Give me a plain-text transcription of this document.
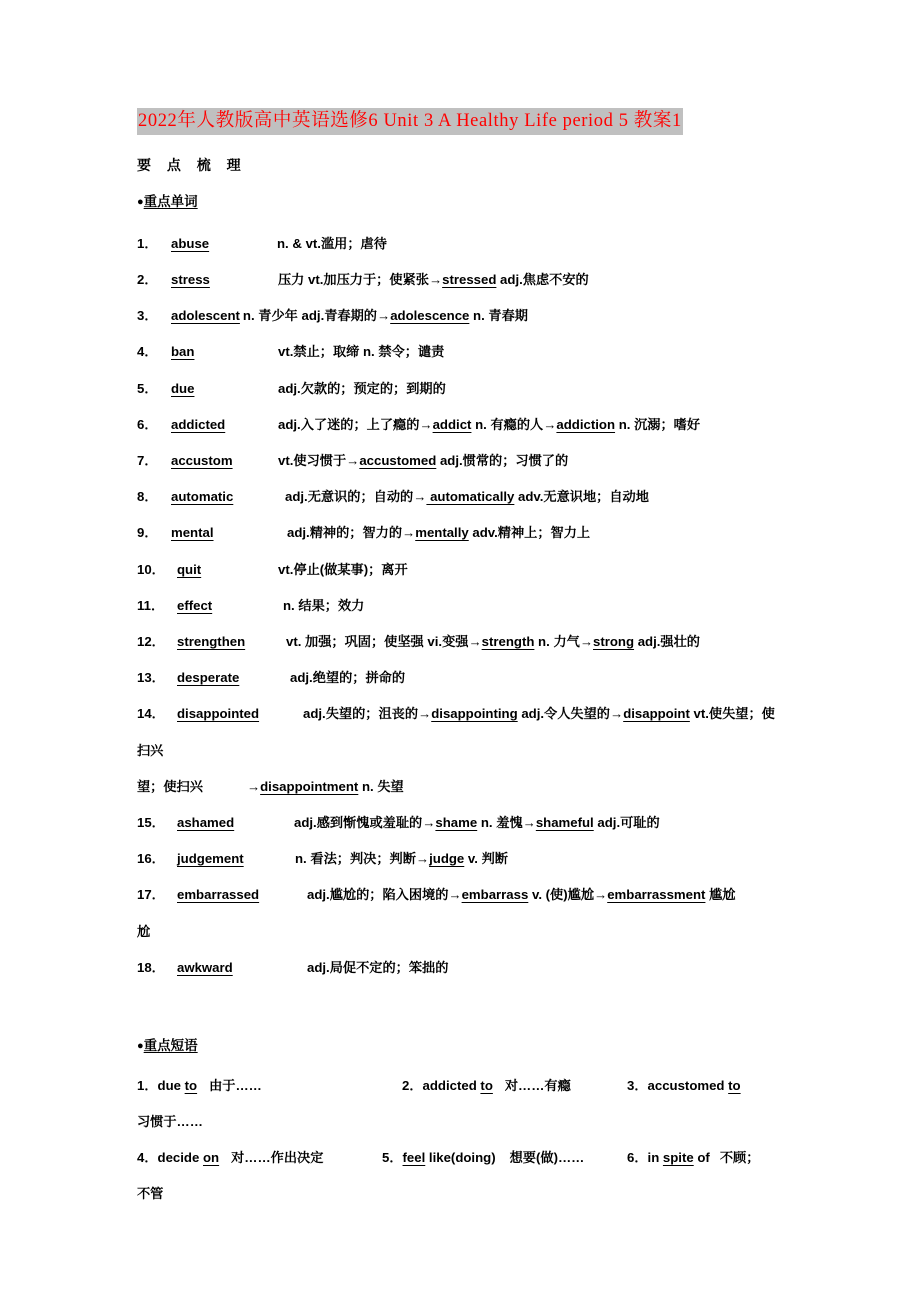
2022年人教版高中英语选修6 Unit 3 A Healthy Life period 5 教案1
要 点 梳 理
●重点单词
1． abuse	n. & vt.滥用；虐待
2． stress	压力 vt.加压力于；使紧张→stressed adj.焦虑不安的
3． adolescent n. 青少年 adj.青春期的→adolescence n. 青春期
4． ban	vt.禁止；取缔 n. 禁令；谴责
5． due	adj.欠款的；预定的；到期的
6． addicted	adj.入了迷的；上了瘾的→addict n. 有瘾的人→addiction n. 沉溺；嗜好
7． accustom	vt.使习惯于→accustomed adj.惯常的；习惯了的
8． automatic	adj.无意识的；自动的→ automatically adv.无意识地；自动地
9． mental	adj.精神的；智力的→mentally adv.精神上；智力上
10． quit	vt.停止(做某事)；离开
11． effect	n. 结果；效力
12． strengthen	vt. 加强；巩固；使坚强 vi.变强→strength n. 力气→strong adj.强壮的
13． desperate	adj.绝望的；拼命的
14． disappointed	adj.失望的；沮丧的→disappointing adj.令人失望的→disappoint vt.使失望；使扫兴
望；使扫兴	→disappointment n. 失望
15． ashamed	adj.感到惭愧或羞耻的→shame n. 羞愧→shameful adj.可耻的
16． judgement	n. 看法；判决；判断→judge v. 判断
17． embarrassed	adj.尴尬的；陷入困境的→embarrass v. (使)尴尬→embarrassment 尴尬
尬
18． awkward	adj.局促不定的；笨拙的
●重点短语
1．due to 由于……	2．addicted to 对……有瘾	3．accustomed to
习惯于……
4．decide on 对……作出决定	5．feel like(doing) 想要(做)……	6．in spite of 不顾；
不管
